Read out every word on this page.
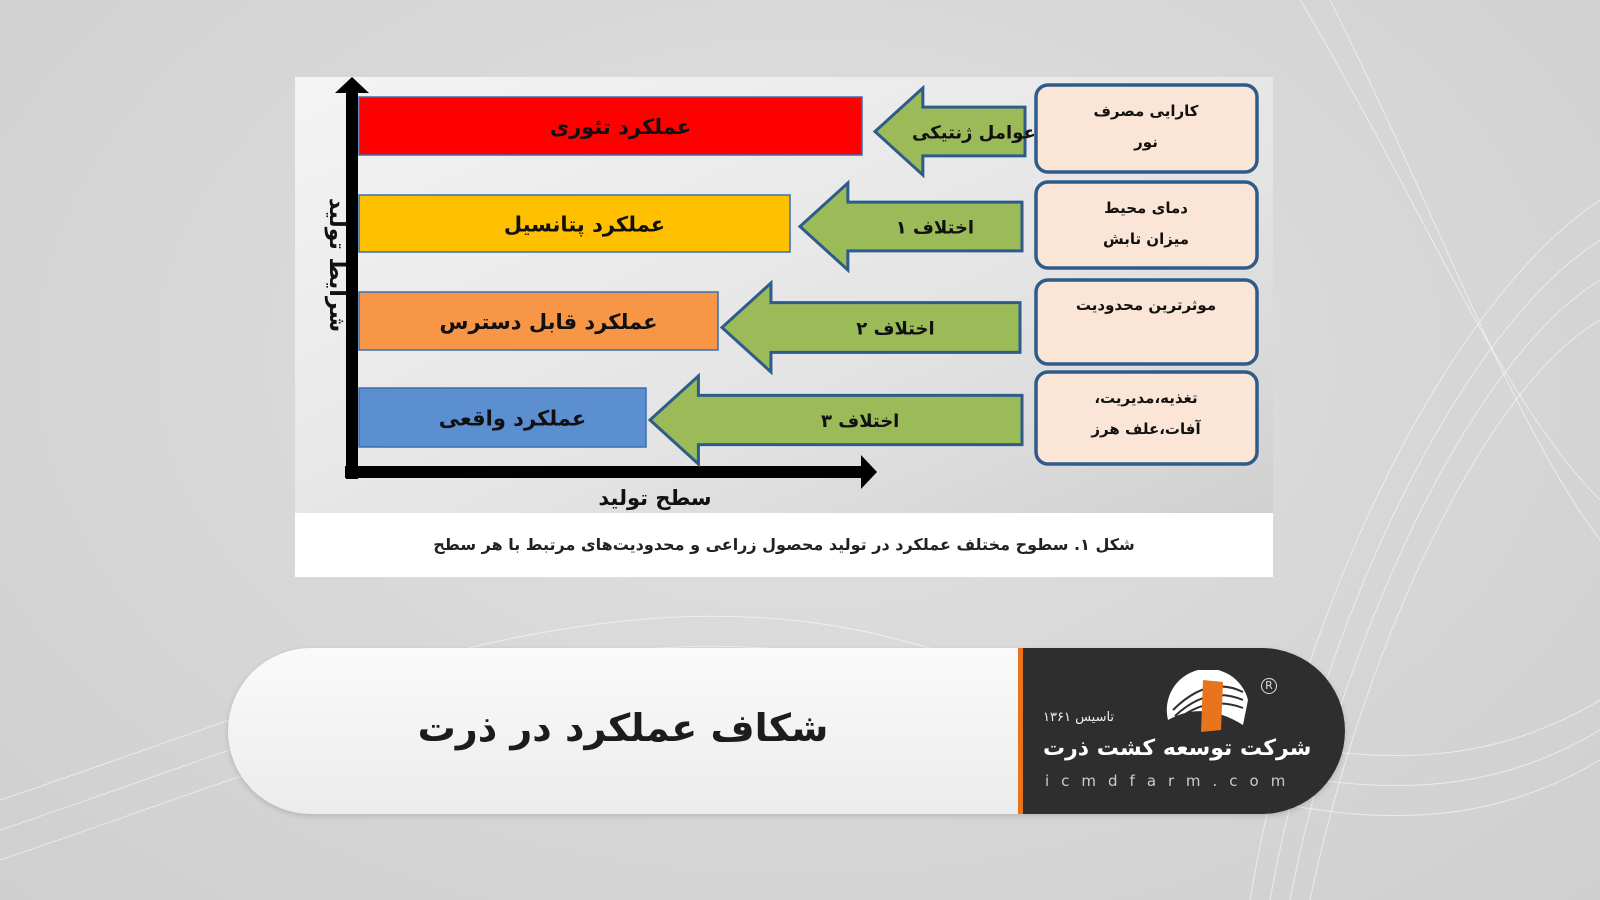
شرایط تولید
سطح تولید
عملکرد تئوری
عملکرد پتانسیل
عملکرد قابل دسترس
عملکرد واقعی
عوامل ژنتیکی
اختلاف ۱
اختلاف ۲
اختلاف ۳
کارایی مصرف
نور
دمای محیط
میزان تابش
موثرترین محدودیت
تغذیه،مدیریت،
آفات،علف هرز
شکل ۱. سطوح مختلف عملکرد در تولید محصول زراعی و محدودیت‌های مرتبط با هر سطح
شکاف عملکرد در ذرت
R
تاسیس ۱۳۶۱
شرکت توسعه کشت ذرت
icmdfarm.com
